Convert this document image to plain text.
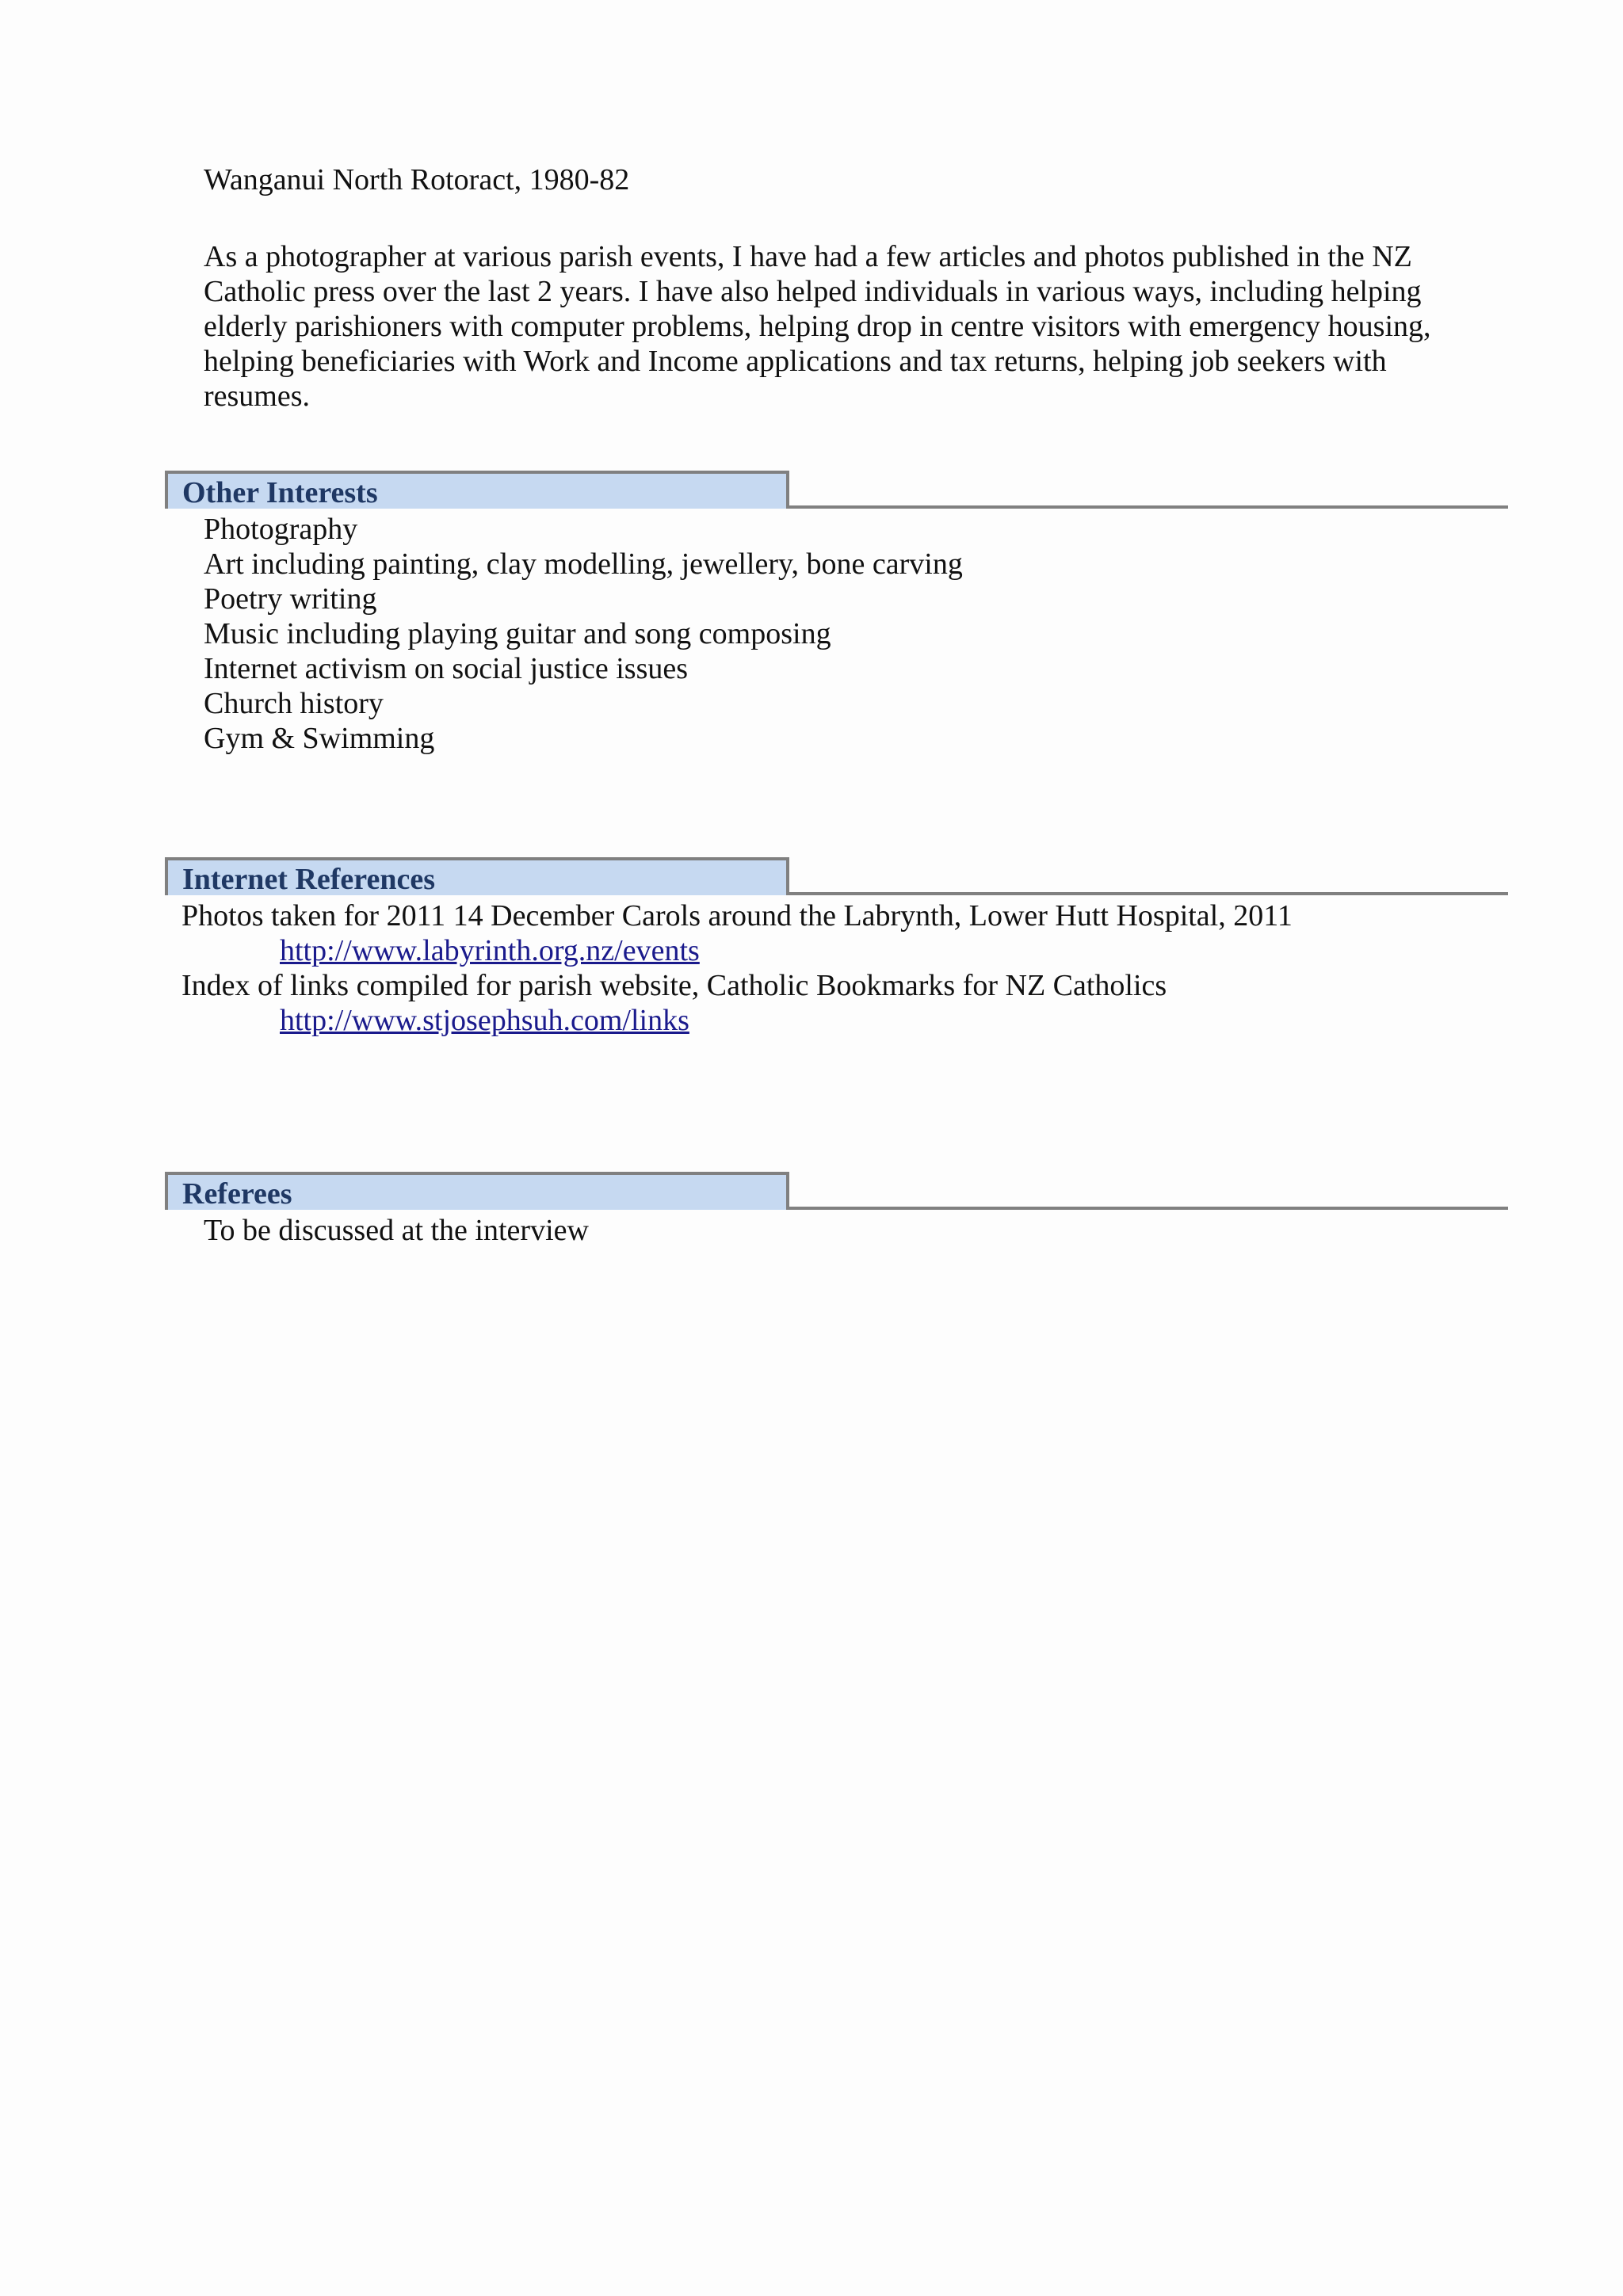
Wanganui North Rotoract, 1980-82

As a photographer at various parish events, I have had a few articles and photos published in the NZ

Catholic press over the last 2 years. I have also helped individuals in various ways, including helping

elderly parishioners with computer problems, helping drop in centre visitors with emergency housing,

helping beneficiaries with Work and Income applications and tax returns, helping job seekers with

resumes.

Other Interests
Photography
Art including painting, clay modelling, jewellery, bone carving
Poetry writing
Music including playing guitar and song composing
Internet activism on social justice issues
Church history
Gym & Swimming
Internet References
Photos taken for 2011 14 December Carols around the Labrynth, Lower Hutt Hospital, 2011
http://www.labyrinth.org.nz/events
Index of links compiled for parish website, Catholic Bookmarks for NZ Catholics
http://www.stjosephsuh.com/links
Referees
To be discussed at the interview
